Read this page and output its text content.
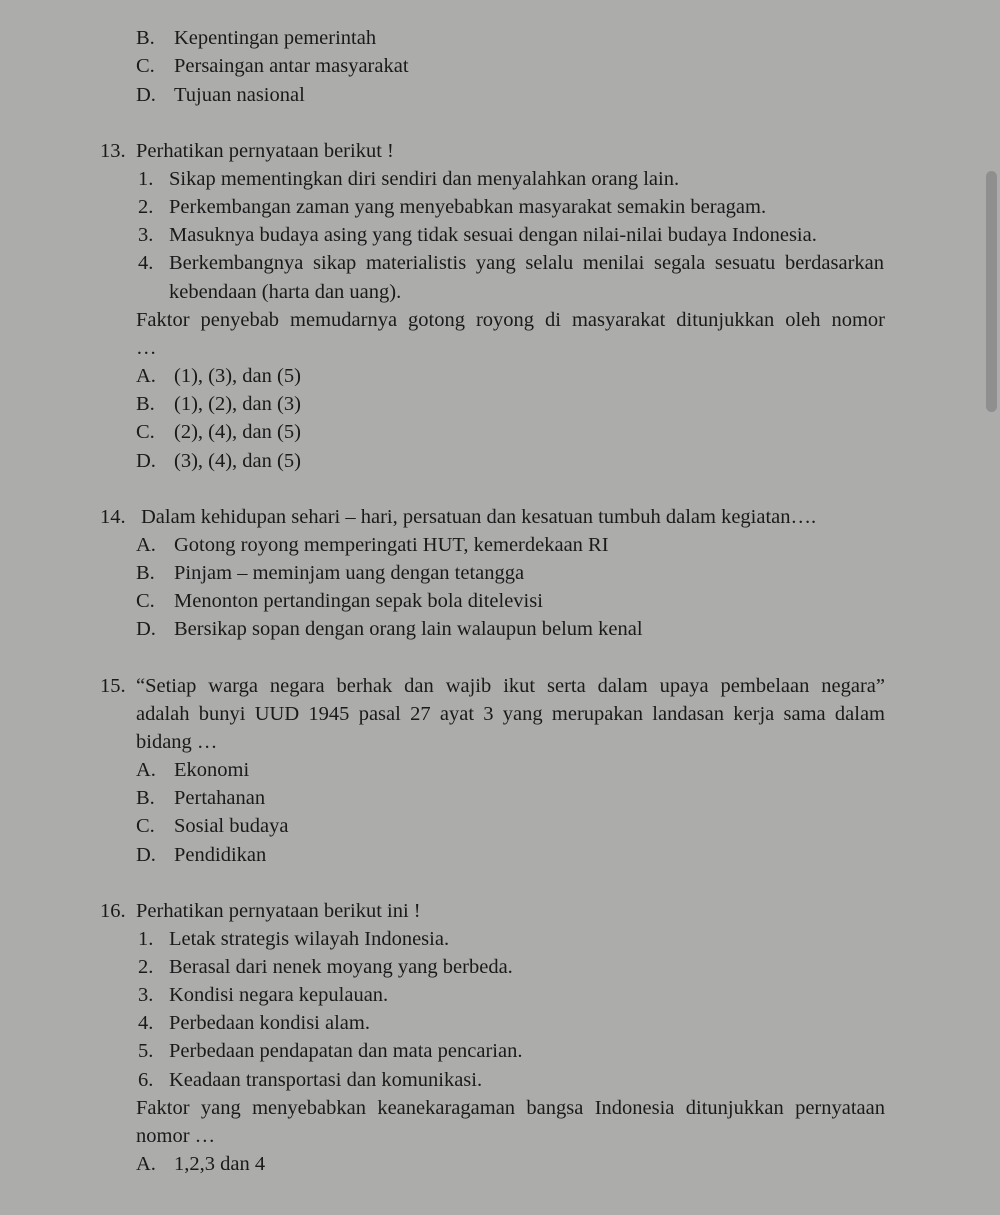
B. Kepentingan pemerintah
C. Persaingan antar masyarakat
D. Tujuan nasional
13. Perhatikan pernyataan berikut !
1. Sikap mementingkan diri sendiri dan menyalahkan orang lain.
2. Perkembangan zaman yang menyebabkan masyarakat semakin beragam.
3. Masuknya budaya asing yang tidak sesuai dengan nilai-nilai budaya Indonesia.
4. Berkembangnya sikap materialistis yang selalu menilai segala sesuatu berdasarkan
kebendaan (harta dan uang).
Faktor penyebab memudarnya gotong royong di masyarakat ditunjukkan oleh nomor
…
A. (1), (3), dan (5)
B. (1), (2), dan (3)
C. (2), (4), dan (5)
D. (3), (4), dan (5)
14. Dalam kehidupan sehari – hari, persatuan dan kesatuan tumbuh dalam kegiatan….
A. Gotong royong memperingati HUT, kemerdekaan RI
B. Pinjam – meminjam uang dengan tetangga
C. Menonton pertandingan sepak bola ditelevisi
D. Bersikap sopan dengan orang lain walaupun belum kenal
15. “Setiap warga negara berhak dan wajib ikut serta dalam upaya pembelaan negara”
adalah bunyi UUD 1945 pasal 27 ayat 3 yang merupakan landasan kerja sama dalam
bidang …
A. Ekonomi
B. Pertahanan
C. Sosial budaya
D. Pendidikan
16. Perhatikan pernyataan berikut ini !
1. Letak strategis wilayah Indonesia.
2. Berasal dari nenek moyang yang berbeda.
3. Kondisi negara kepulauan.
4. Perbedaan kondisi alam.
5. Perbedaan pendapatan dan mata pencarian.
6. Keadaan transportasi dan komunikasi.
Faktor yang menyebabkan keanekaragaman bangsa Indonesia ditunjukkan pernyataan
nomor …
A. 1,2,3 dan 4
